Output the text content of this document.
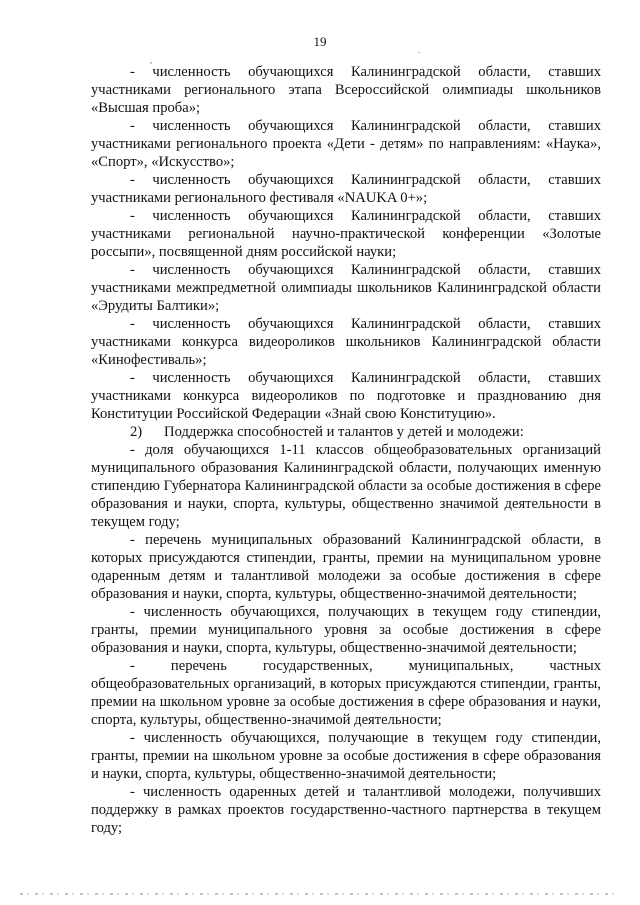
19
,
.

- численность обучающихся Калининградской области, ставших участниками регионального этапа Всероссийской олимпиады школьников «Высшая проба»;

- численность обучающихся Калининградской области, ставших участниками регионального проекта «Дети - детям» по направлениям: «Наука», «Спорт», «Искусство»;

- численность обучающихся Калининградской области, ставших участниками регионального фестиваля «NAUKA 0+»;

- численность обучающихся Калининградской области, ставших участниками региональной научно-практической конференции «Золотые россыпи», посвященной дням российской науки;

- численность обучающихся Калининградской области, ставших участниками межпредметной олимпиады школьников Калининградской области «Эрудиты Балтики»;

- численность обучающихся Калининградской области, ставших участниками конкурса видеороликов школьников Калининградской области «Кинофестиваль»;

- численность обучающихся Калининградской области, ставших участниками конкурса видеороликов по подготовке и празднованию дня Конституции Российской Федерации «Знай свою Конституцию».

2)      Поддержка способностей и талантов у детей и молодежи:

- доля обучающихся 1-11 классов общеобразовательных организаций муниципального образования Калининградской области, получающих именную стипендию Губернатора Калининградской области за особые достижения в сфере образования и науки, спорта, культуры, общественно значимой деятельности в текущем году;

- перечень муниципальных образований Калининградской области, в которых присуждаются стипендии, гранты, премии на муниципальном уровне одаренным детям и талантливой молодежи за особые достижения в сфере образования и науки, спорта, культуры, общественно-значимой деятельности;

- численность обучающихся, получающих в текущем году стипендии, гранты, премии муниципального уровня за особые достижения в сфере образования и науки, спорта, культуры, общественно-значимой деятельности;

- перечень государственных, муниципальных, частных общеобразовательных организаций, в которых присуждаются стипендии, гранты, премии на школьном уровне за особые достижения в сфере образования и науки, спорта, культуры, общественно-значимой деятельности;

- численность обучающихся, получающие в текущем году стипендии, гранты, премии на школьном уровне за особые достижения в сфере образования и науки, спорта, культуры, общественно-значимой деятельности;

- численность одаренных детей и талантливой молодежи, получивших поддержку в рамках проектов государственно-частного партнерства в текущем году;
